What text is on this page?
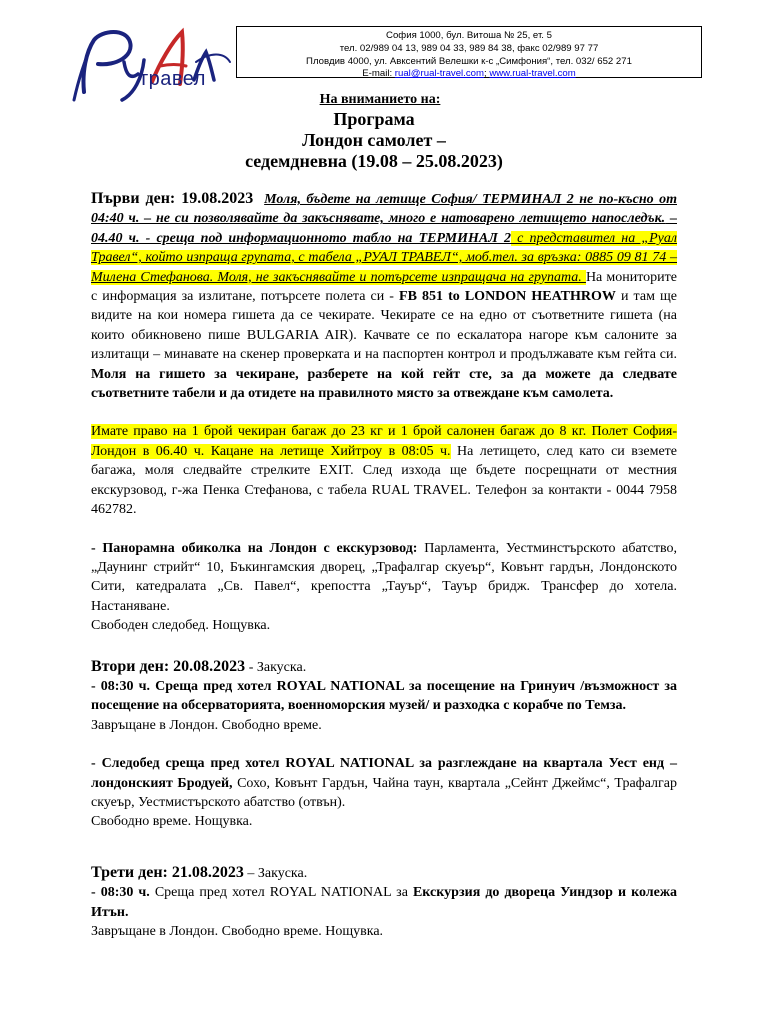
травел
София 1000, бул. Витоша № 25, ет. 5
тел. 02/989 04 13, 989 04 33, 989 84 38, факс 02/989 97 77
Пловдив 4000, ул. Авксентий Велешки к-с „Симфония“, тел. 032/ 652 271
E-mail: rual@rual-travel.com; www.rual-travel.com
На вниманието на:
Програма
Лондон самолет –
седемдневна (19.08 – 25.08.2023)

Първи ден: 19.08.2023 Моля, бъдете на летище София/ ТЕРМИНАЛ 2 не по-късно от 04:40 ч. – не си позволявайте да закъснявате, много е натоварено летището напоследък. – 04.40 ч. - среща под информационното табло на ТЕРМИНАЛ 2 с представител на „Руал Травел“, който изпраща групата, с табела „РУАЛ ТРАВЕЛ“, моб.тел. за връзка: 0885 09 81 74 – Милена Стефанова. Моля, не закъснявайте и потърсете изпращача на групата. На мониторите с информация за излитане, потърсете полета си - FB 851 to LONDON HEATHROW и там ще видите на кои номера гишета да се чекирате. Чекирате се на едно от съответните гишета (на които обикновено пише BULGARIA AIR). Качвате се по ескалатора нагоре към салоните за излитащи – минавате на скенер проверката и на паспортен контрол и продължавате към гейта си. Моля на гишето за чекиране, разберете на кой гейт сте, за да можете да следвате съответните табели и да отидете на правилното място за отвеждане към самолета.

Имате право на 1 брой чекиран багаж до 23 кг и 1 брой салонен багаж до 8 кг. Полет София-Лондон в 06.40 ч. Кацане на летище Хийтроу в 08:05 ч. На летището, след като си вземете багажа, моля следвайте стрелките EXIT. След изхода ще бъдете посрещнати от местния екскурзовод, г-жа Пенка Стефанова, с табела RUAL TRAVEL. Телефон за контакти - 0044 7958 462782.

- Панорамна обиколка на Лондон с екскурзовод: Парламента, Уестминстърското абатство, „Даунинг стрийт“ 10, Бъкингамския дворец, „Трафалгар скуеър“, Ковънт гардън, Лондонското Сити, катедралата „Св. Павел“, крепостта „Тауър“, Тауър бридж. Трансфер до хотела. Настаняване.

Свободен следобед. Нощувка.

Втори ден: 20.08.2023 - Закуска.

- 08:30 ч. Среща пред хотел ROYAL NATIONAL за посещение на Гринуич /възможност за посещение на обсерваторията, военноморския музей/ и разходка с корабче по Темза.

Завръщане в Лондон. Свободно време.

- Следобед среща пред хотел ROYAL NATIONAL за разглеждане на квартала Уест енд – лондонският Бродуей, Сохо, Ковънт Гардън, Чайна таун, квартала „Сейнт Джеймс“, Трафалгар скуеър, Уестмистърското абатство (отвън).

Свободно време. Нощувка.

Трети ден: 21.08.2023 – Закуска.

- 08:30 ч. Среща пред хотел ROYAL NATIONAL за Екскурзия до двореца Уиндзор и колежа Итън.

Завръщане в Лондон. Свободно време. Нощувка.
